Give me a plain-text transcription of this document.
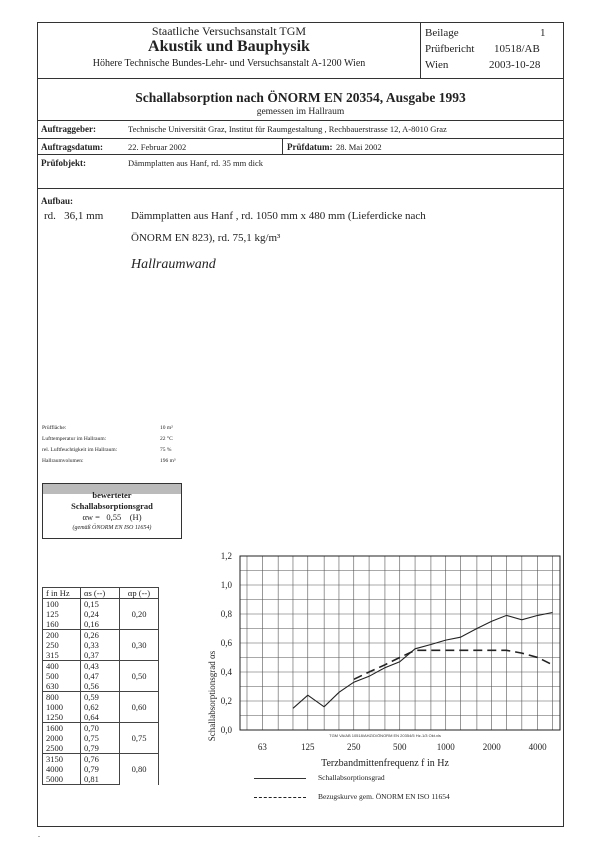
Staatliche Versuchsanstalt TGM
Akustik und Bauphysik
Höhere Technische Bundes-Lehr- und Versuchsanstalt A-1200 Wien
Beilage	1
Prüfbericht 10518/AB
Wien	2003-10-28
Schallabsorption nach ÖNORM EN 20354, Ausgabe 1993
gemessen im Hallraum
Auftraggeber:	Technische Universität Graz, Institut für Raumgestaltung , Rechbauerstrasse 12, A-8010 Graz
Auftragsdatum:	22. Februar 2002	Prüfdatum: 28. Mai 2002
Prüfobjekt:	Dämmplatten aus Hanf, rd. 35 mm dick
Aufbau:
rd.   36,1 mm	Dämmplatten aus Hanf , rd. 1050 mm x 480 mm (Lieferdicke nach
ÖNORM EN 823), rd. 75,1 kg/m³
Hallraumwand
Prüffläche:	10 m²
Lufttemperatur im Hallraum:	22 °C
rel. Luftfeuchtigkeit im Hallraum:	75 %
Hallraumvolumen:	196 m³
bewerteter
Schallabsorptionsgrad
αw =   0,55    (H)
(gemäß ÖNORM EN ISO 11654)
f in Hz	αs (--)	αp (--)
100	0,15	0,20
125	0,24	
160	0,16	
200	0,26	0,30
250	0,33	
315	0,37	
400	0,43	0,50
500	0,47	
630	0,56	
800	0,59	0,60
1000	0,62	
1250	0,64	
1600	0,70	0,75
2000	0,75	
2500	0,79	
3150	0,76	0,80
4000	0,79	
5000	0,81	
0,0
0,2
0,4
0,6
0,8
1,0
1,2
63	125	250	500	1000	2000	4000
Schallabsorptionsgrad αs	TGM VA/AB 10518/AHZ/D/ÖNORM EN 20354/5 Hz-1/3 Okt.xls
Terzbandmittenfrequenz f in Hz
Schallabsorptionsgrad
Bezugskurve gem. ÖNORM EN ISO 11654
.
